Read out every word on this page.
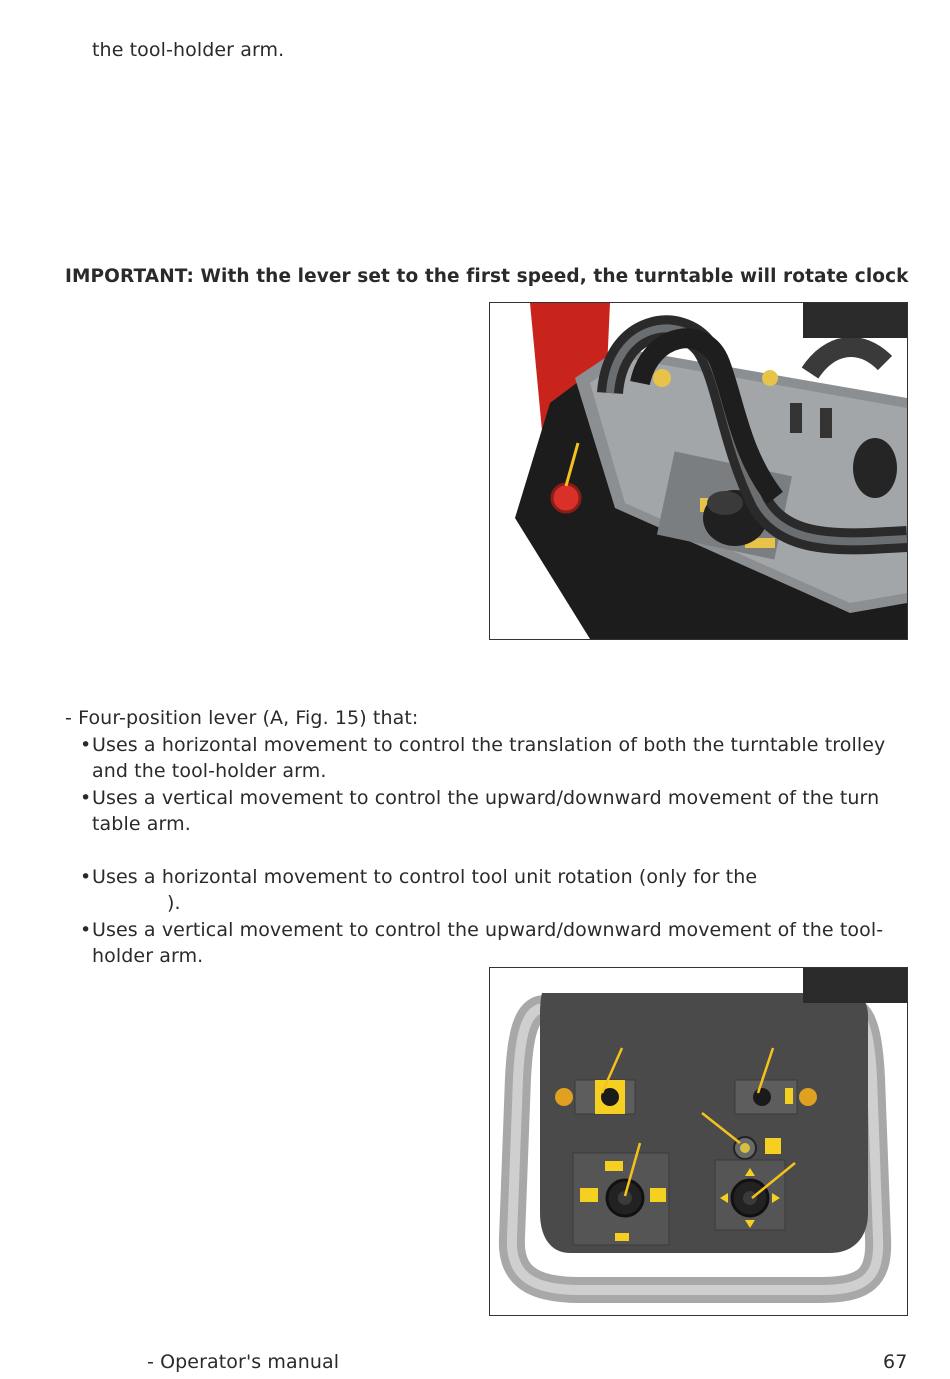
the tool-holder arm.
IMPORTANT: With the lever set to the first speed, the turntable will rotate clock
- Four-position lever (A, Fig. 15) that:
• Uses a horizontal movement to control the translation of both the turntable trolley
and the tool-holder arm.
• Uses a vertical movement to control the upward/downward movement of the turn
table arm.
• Uses a horizontal movement to control tool unit rotation (only for the
).
• Uses a vertical movement to control the upward/downward movement of the tool-
holder arm.
- Operator's manual	67
